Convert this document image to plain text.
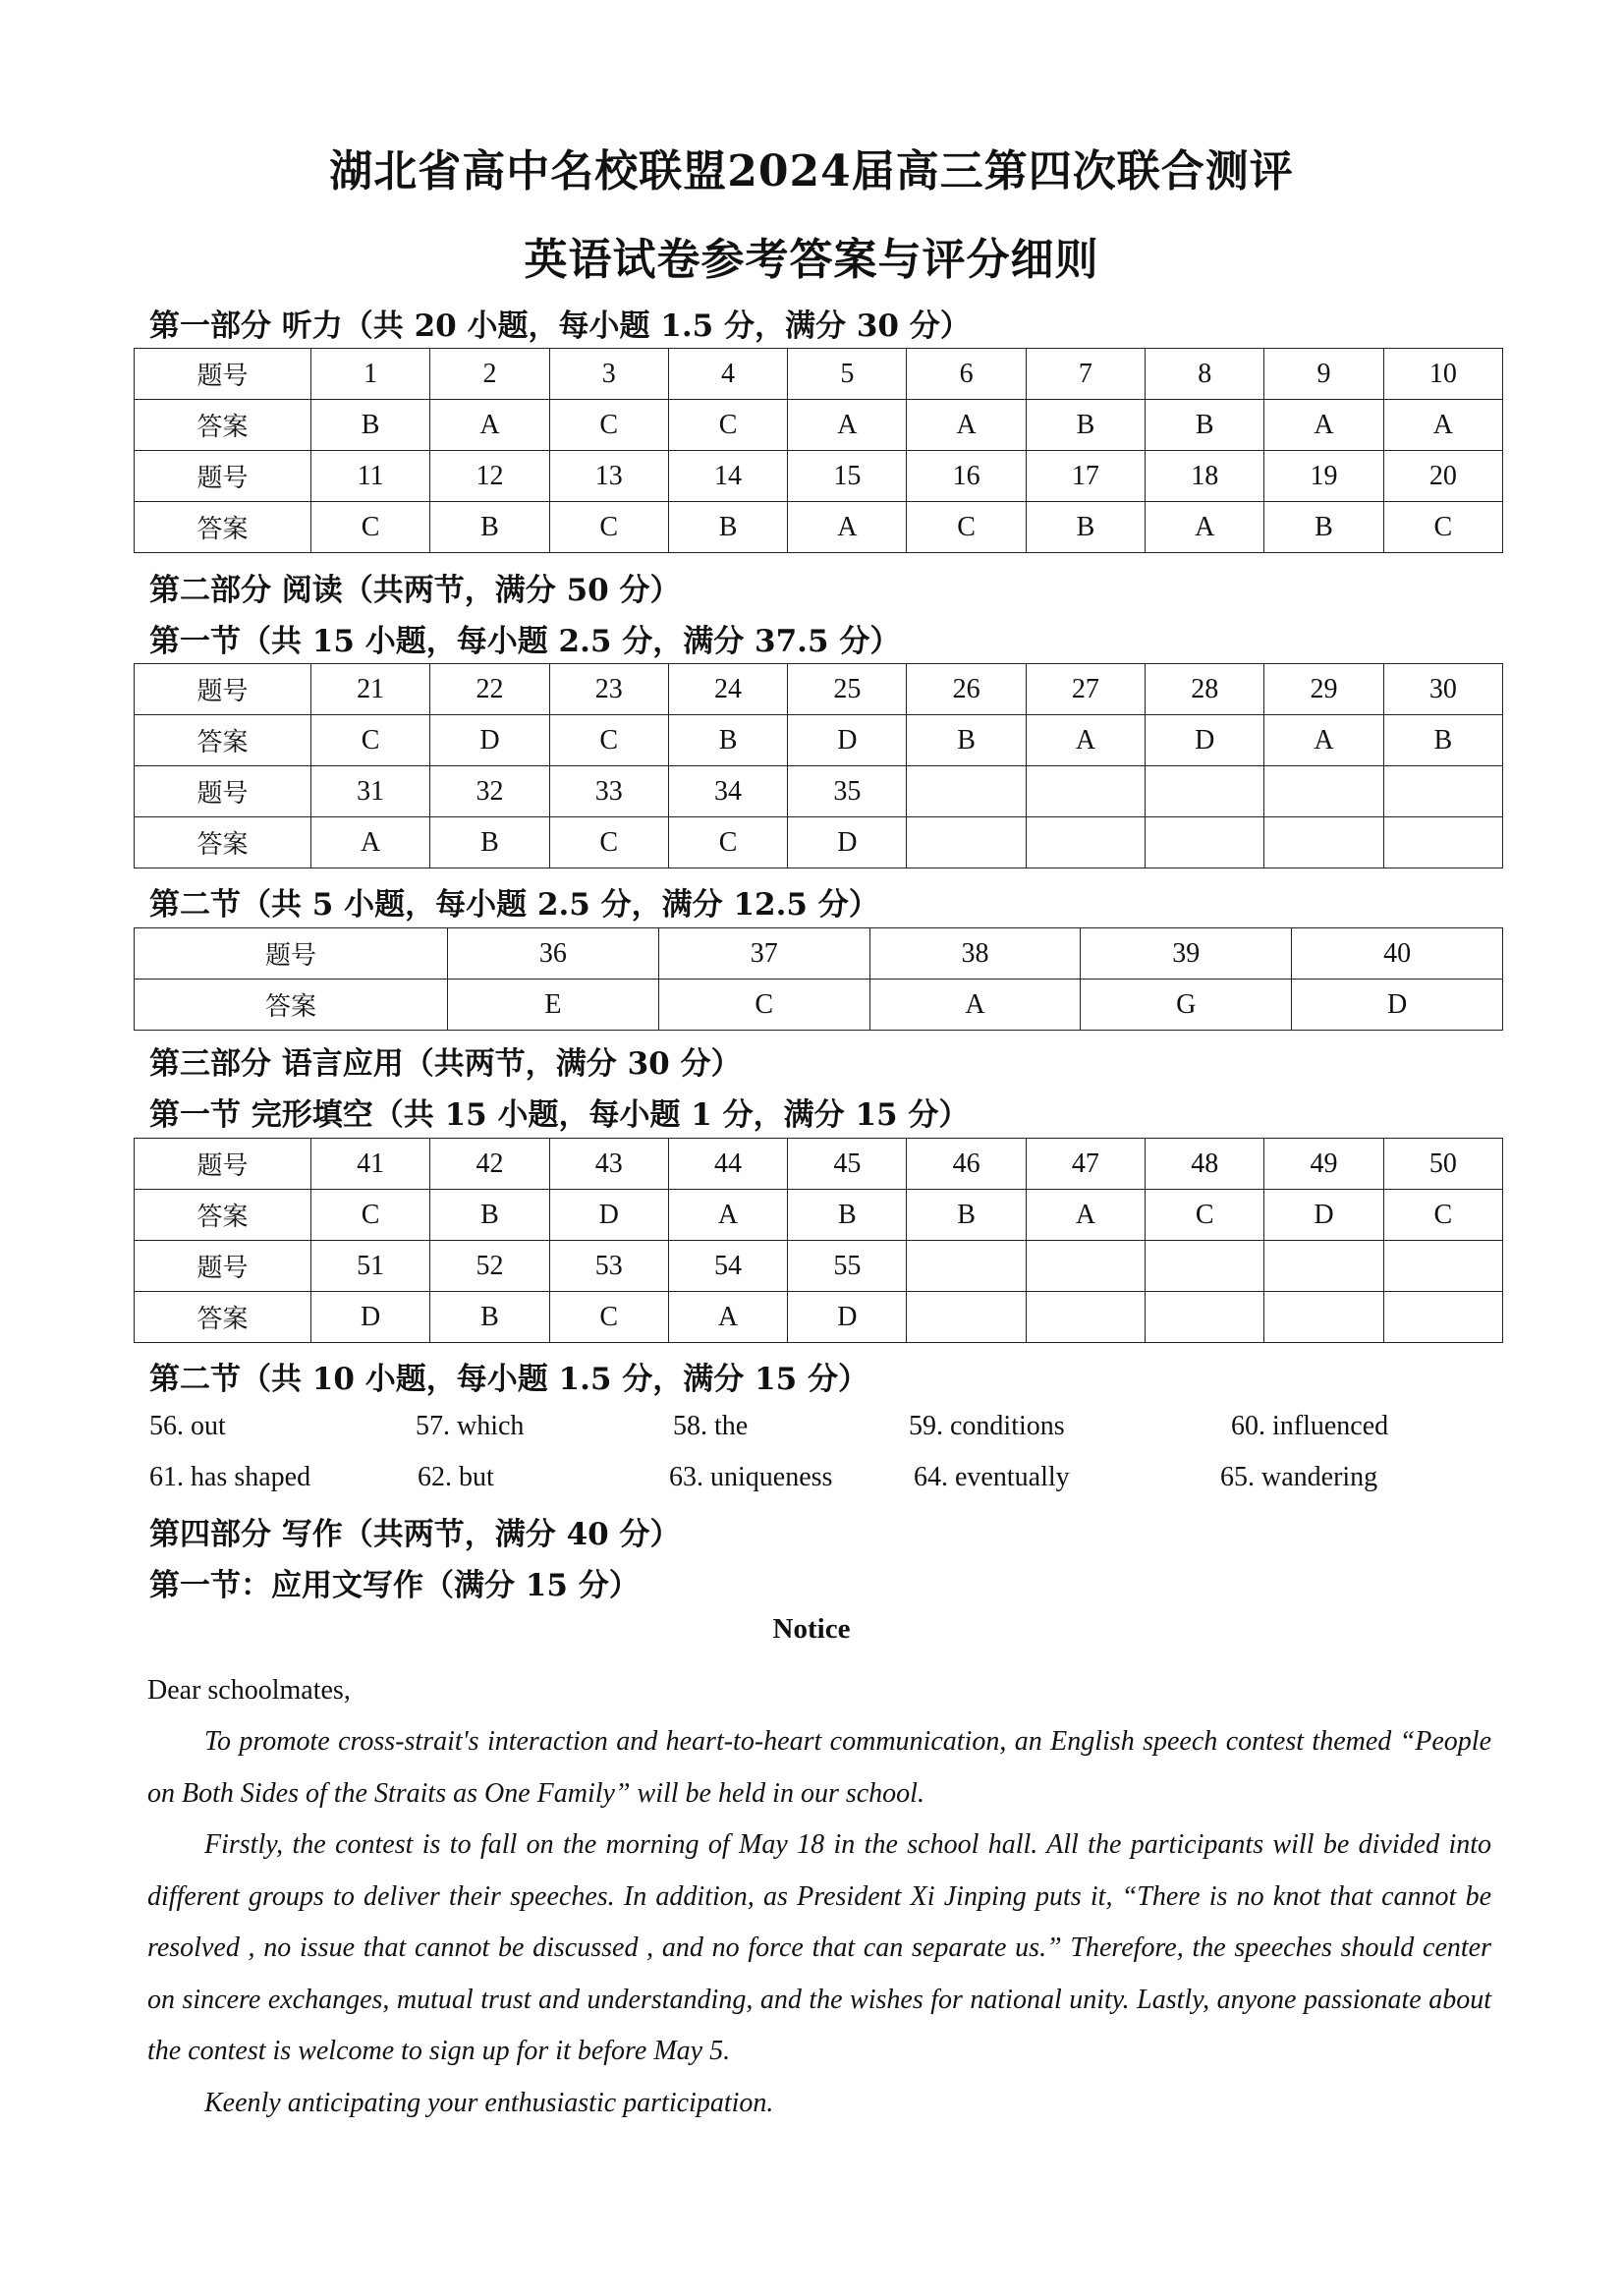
湖北省高中名校联盟2024届高三第四次联合测评
英语试卷参考答案与评分细则
第一部分 听力（共 20 小题，每小题 1.5 分，满分 30 分）
题号	1	2	3	4	5	6	7	8	9	10
答案	B	A	C	C	A	A	B	B	A	A
题号	11	12	13	14	15	16	17	18	19	20
答案	C	B	C	B	A	C	B	A	B	C
第二部分 阅读（共两节，满分 50 分）
第一节（共 15 小题，每小题 2.5 分，满分 37.5 分）
题号	21	22	23	24	25	26	27	28	29	30
答案	C	D	C	B	D	B	A	D	A	B
题号	31	32	33	34	35					
答案	A	B	C	C	D					
第二节（共 5 小题，每小题 2.5 分，满分 12.5 分）
题号	36	37	38	39	40
答案	E	C	A	G	D
第三部分 语言应用（共两节，满分 30 分）
第一节 完形填空（共 15 小题，每小题 1 分，满分 15 分）
题号	41	42	43	44	45	46	47	48	49	50
答案	C	B	D	A	B	B	A	C	D	C
题号	51	52	53	54	55					
答案	D	B	C	A	D					
第二节（共 10 小题，每小题 1.5 分，满分 15 分）
56. out	57. which	58. the	59. conditions	60. influenced
61. has shaped	62. but	63. uniqueness	64. eventually	65. wandering
第四部分 写作（共两节，满分 40 分）
第一节：应用文写作（满分 15 分）
Notice
Dear schoolmates,

To promote cross-strait's interaction and heart-to-heart communication, an English speech contest themed “People on Both Sides of the Straits as One Family” will be held in our school.

Firstly, the contest is to fall on the morning of May 18 in the school hall. All the participants will be divided into different groups to deliver their speeches. In addition, as President Xi Jinping puts it, “There is no knot that cannot be resolved , no issue that cannot be discussed , and no force that can separate us.” Therefore, the speeches should center on sincere exchanges, mutual trust and understanding, and the wishes for national unity. Lastly, anyone passionate about the contest is welcome to sign up for it before May 5.

Keenly anticipating your enthusiastic participation.
